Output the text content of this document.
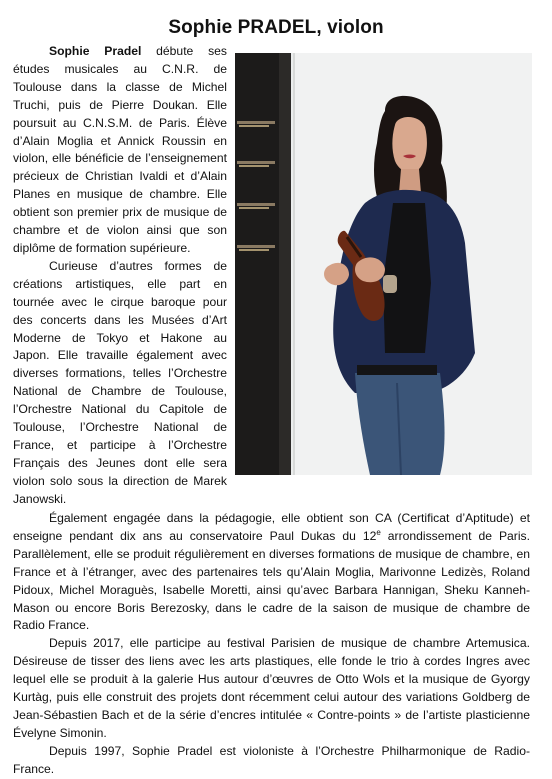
Sophie PRADEL, violon

Sophie Pradel débute ses études musicales au C.N.R. de Toulouse dans la classe de Michel Truchi, puis de Pierre Doukan. Elle poursuit au C.N.S.M. de Paris. Élève d’Alain Moglia et Annick Roussin en violon, elle bénéficie de l’enseignement précieux de Christian Ivaldi et d’Alain Planes en musique de chambre. Elle obtient son premier prix de musique de chambre et de violon ainsi que son diplôme de formation supérieure.

Curieuse d’autres formes de créations artistiques, elle part en tournée avec le cirque baroque pour des concerts dans les Musées d’Art Moderne de Tokyo et Hakone au Japon. Elle travaille également avec diverses formations, telles l’Orchestre National de Chambre de Toulouse, l’Orchestre National du Capitole de Toulouse, l’Orchestre National de France, et participe à l’Orchestre Français des Jeunes dont elle sera violon solo sous la direction de Marek Janowski.

Également engagée dans la pédagogie, elle obtient son CA (Certificat d’Aptitude) et enseigne pendant dix ans au conservatoire Paul Dukas du 12e arrondissement de Paris. Parallèlement, elle se produit régulièrement en diverses formations de musique de chambre, en France et à l’étranger, avec des partenaires tels qu’Alain Moglia, Marivonne Ledizès, Roland Pidoux, Michel Moraguès, Isabelle Moretti, ainsi qu’avec Barbara Hannigan, Sheku Kanneh-Mason ou encore Boris Berezosky, dans le cadre de la saison de musique de chambre de Radio France.

Depuis 2017, elle participe au festival Parisien de musique de chambre Artemusica. Désireuse de tisser des liens avec les arts plastiques, elle fonde le trio à cordes Ingres avec lequel elle se produit à la galerie Hus autour d’œuvres de Otto Wols et la musique de Gyorgy Kurtàg, puis elle construit des projets dont récemment celui autour des variations Goldberg de Jean-Sébastien Bach et de la série d’encres intitulée « Contre-points » de l’artiste plasticienne Évelyne Simonin.

Depuis 1997, Sophie Pradel est violoniste à l’Orchestre Philharmonique de Radio-France.
